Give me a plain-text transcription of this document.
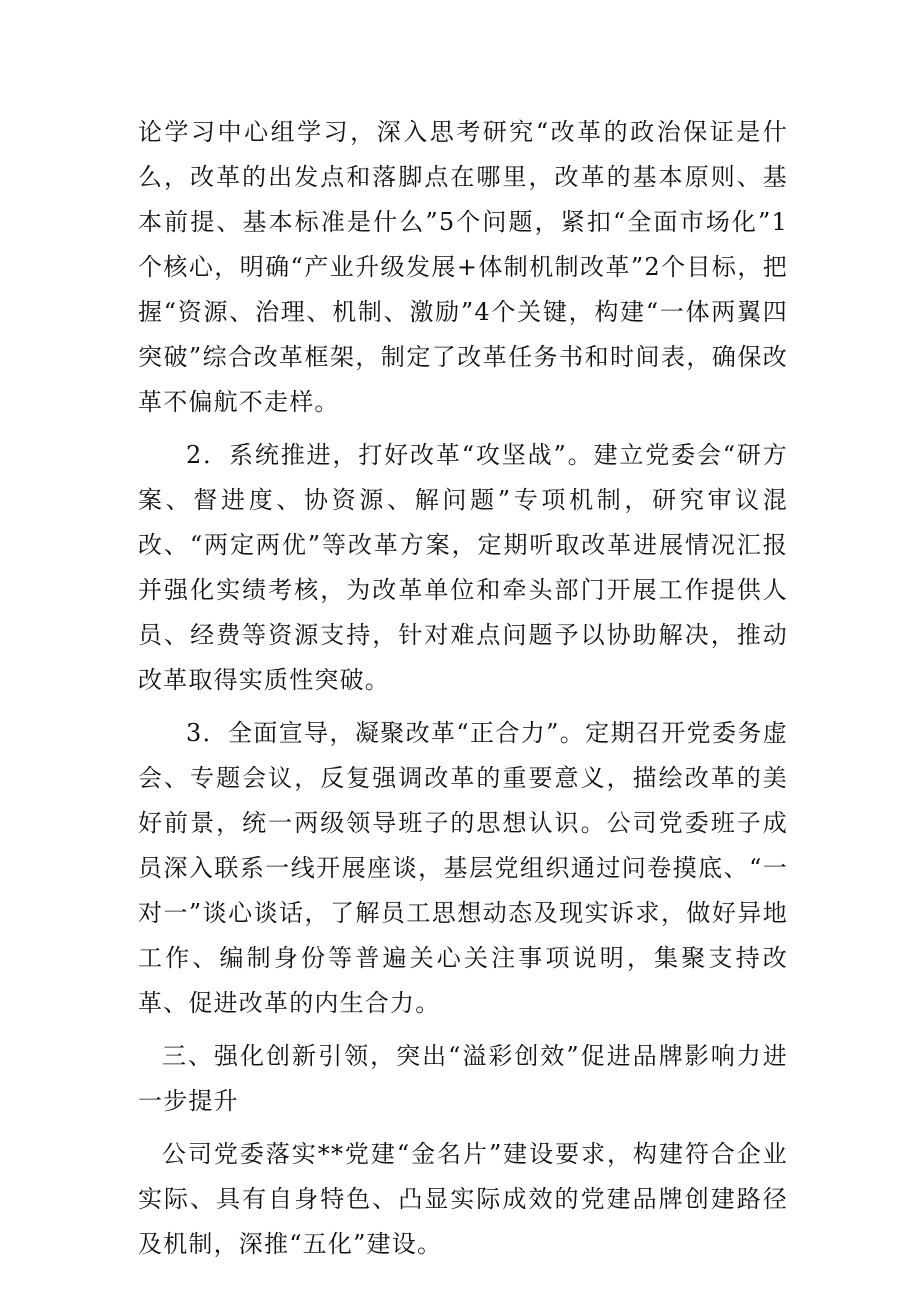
论学习中心组学习，深入思考研究“改革的政治保证是什么，改革的出发点和落脚点在哪里，改革的基本原则、基本前提、基本标准是什么”5个问题，紧扣“全面市场化”1个核心，明确“产业升级发展+体制机制改革”2个目标，把握“资源、治理、机制、激励”4个关键，构建“一体两翼四突破”综合改革框架，制定了改革任务书和时间表，确保改革不偏航不走样。

2．系统推进，打好改革“攻坚战”。建立党委会“研方案、督进度、协资源、解问题”专项机制，研究审议混改、“两定两优”等改革方案，定期听取改革进展情况汇报并强化实绩考核，为改革单位和牵头部门开展工作提供人员、经费等资源支持，针对难点问题予以协助解决，推动改革取得实质性突破。

3．全面宣导，凝聚改革“正合力”。定期召开党委务虚会、专题会议，反复强调改革的重要意义，描绘改革的美好前景，统一两级领导班子的思想认识。公司党委班子成员深入联系一线开展座谈，基层党组织通过问卷摸底、“一对一”谈心谈话，了解员工思想动态及现实诉求，做好异地工作、编制身份等普遍关心关注事项说明，集聚支持改革、促进改革的内生合力。

三、强化创新引领，突出“溢彩创效”促进品牌影响力进一步提升

公司党委落实**党建“金名片”建设要求，构建符合企业实际、具有自身特色、凸显实际成效的党建品牌创建路径及机制，深推“五化”建设。
